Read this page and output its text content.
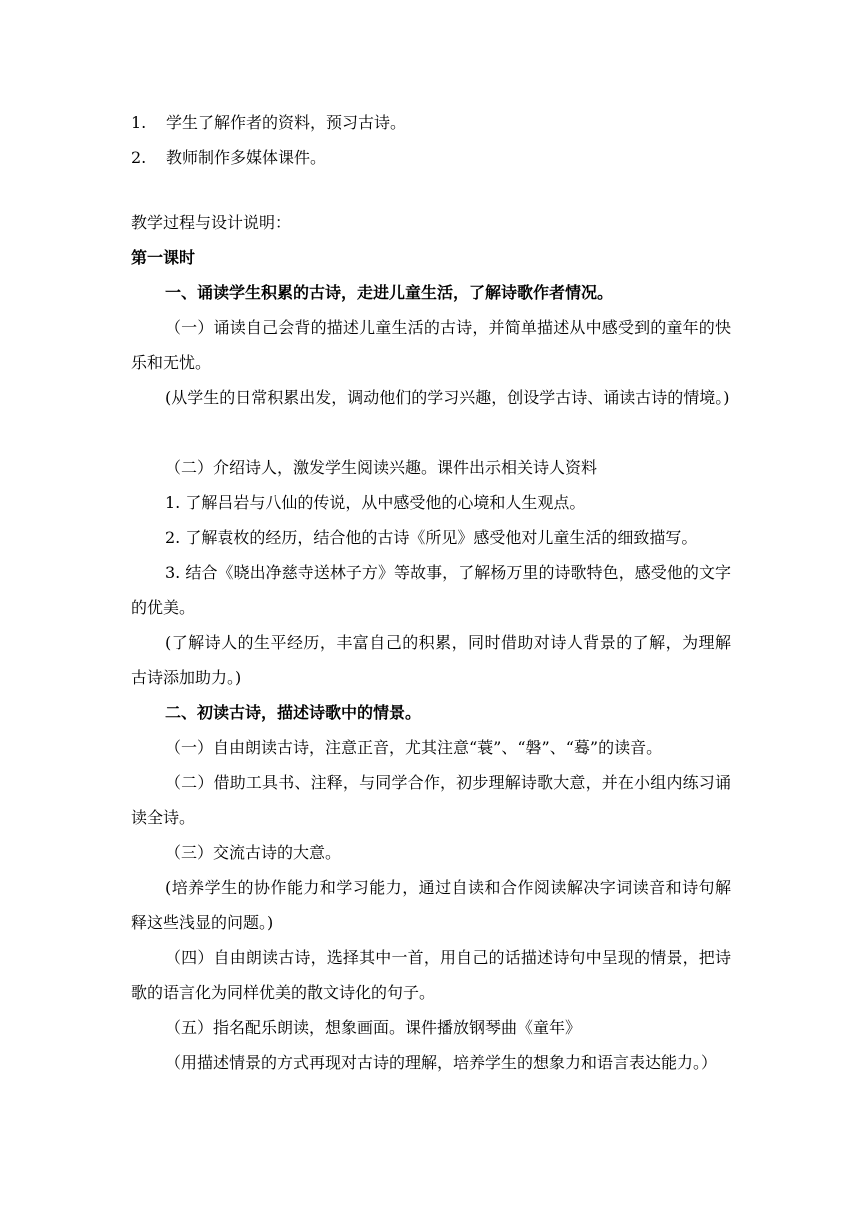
1. 学生了解作者的资料，预习古诗。

2. 教师制作多媒体课件。

教学过程与设计说明：

第一课时

一、诵读学生积累的古诗，走进儿童生活，了解诗歌作者情况。

（一）诵读自己会背的描述儿童生活的古诗，并简单描述从中感受到的童年的快乐和无忧。

(从学生的日常积累出发，调动他们的学习兴趣，创设学古诗、诵读古诗的情境。)

（二）介绍诗人，激发学生阅读兴趣。课件出示相关诗人资料

1. 了解吕岩与八仙的传说，从中感受他的心境和人生观点。

2. 了解袁枚的经历，结合他的古诗《所见》感受他对儿童生活的细致描写。

3. 结合《晓出净慈寺送林子方》等故事，了解杨万里的诗歌特色，感受他的文字的优美。

(了解诗人的生平经历，丰富自己的积累，同时借助对诗人背景的了解，为理解古诗添加助力。)

二、初读古诗，描述诗歌中的情景。

（一）自由朗读古诗，注意正音，尤其注意“蓑”、“磐”、“蓦”的读音。

（二）借助工具书、注释，与同学合作，初步理解诗歌大意，并在小组内练习诵读全诗。

（三）交流古诗的大意。

(培养学生的协作能力和学习能力，通过自读和合作阅读解决字词读音和诗句解释这些浅显的问题。)

（四）自由朗读古诗，选择其中一首，用自己的话描述诗句中呈现的情景，把诗歌的语言化为同样优美的散文诗化的句子。

（五）指名配乐朗读，想象画面。课件播放钢琴曲《童年》

（用描述情景的方式再现对古诗的理解，培养学生的想象力和语言表达能力。）
